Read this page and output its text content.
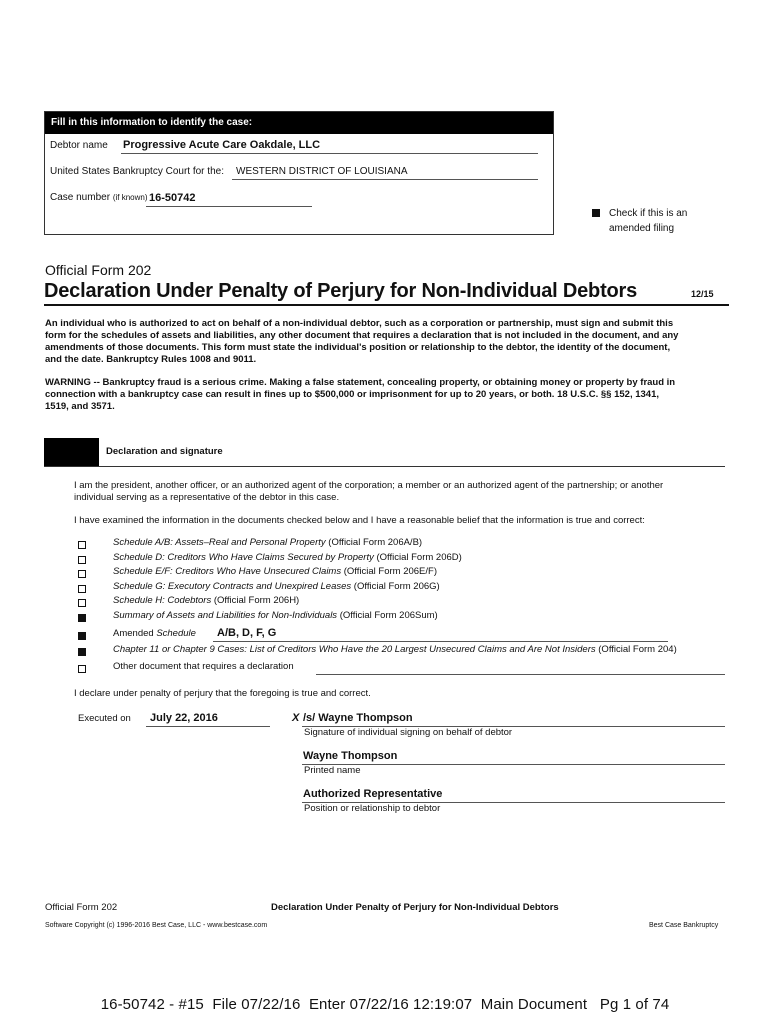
Fill in this information to identify the case:
Debtor name Progressive Acute Care Oakdale, LLC
United States Bankruptcy Court for the: WESTERN DISTRICT OF LOUISIANA
Case number (if known) 16-50742
Check if this is an
amended filing
Official Form 202
Declaration Under Penalty of Perjury for Non-Individual Debtors	12/15
An individual who is authorized to act on behalf of a non-individual debtor, such as a corporation or partnership, must sign and submit this
form for the schedules of assets and liabilities, any other document that requires a declaration that is not included in the document, and any
amendments of those documents. This form must state the individual's position or relationship to the debtor, the identity of the document,
and the date. Bankruptcy Rules 1008 and 9011.
WARNING -- Bankruptcy fraud is a serious crime. Making a false statement, concealing property, or obtaining money or property by fraud in
connection with a bankruptcy case can result in fines up to $500,000 or imprisonment for up to 20 years, or both. 18 U.S.C. §§ 152, 1341,
1519, and 3571.
Declaration and signature
I am the president, another officer, or an authorized agent of the corporation; a member or an authorized agent of the partnership; or another
individual serving as a representative of the debtor in this case.
I have examined the information in the documents checked below and I have a reasonable belief that the information is true and correct:
Schedule A/B: Assets–Real and Personal Property (Official Form 206A/B)
Schedule D: Creditors Who Have Claims Secured by Property (Official Form 206D)
Schedule E/F: Creditors Who Have Unsecured Claims (Official Form 206E/F)
Schedule G: Executory Contracts and Unexpired Leases (Official Form 206G)
Schedule H: Codebtors (Official Form 206H)
Summary of Assets and Liabilities for Non-Individuals (Official Form 206Sum)
Amended Schedule A/B, D, F, G
Chapter 11 or Chapter 9 Cases: List of Creditors Who Have the 20 Largest Unsecured Claims and Are Not Insiders (Official Form 204)
Other document that requires a declaration
I declare under penalty of perjury that the foregoing is true and correct.
Executed on July 22, 2016	X /s/ Wayne Thompson
Signature of individual signing on behalf of debtor
Wayne Thompson
Printed name
Authorized Representative
Position or relationship to debtor
Official Form 202	Declaration Under Penalty of Perjury for Non-Individual Debtors
Software Copyright (c) 1996-2016 Best Case, LLC - www.bestcase.com	Best Case Bankruptcy
16-50742 - #15  File 07/22/16  Enter 07/22/16 12:19:07  Main Document   Pg 1 of 74
